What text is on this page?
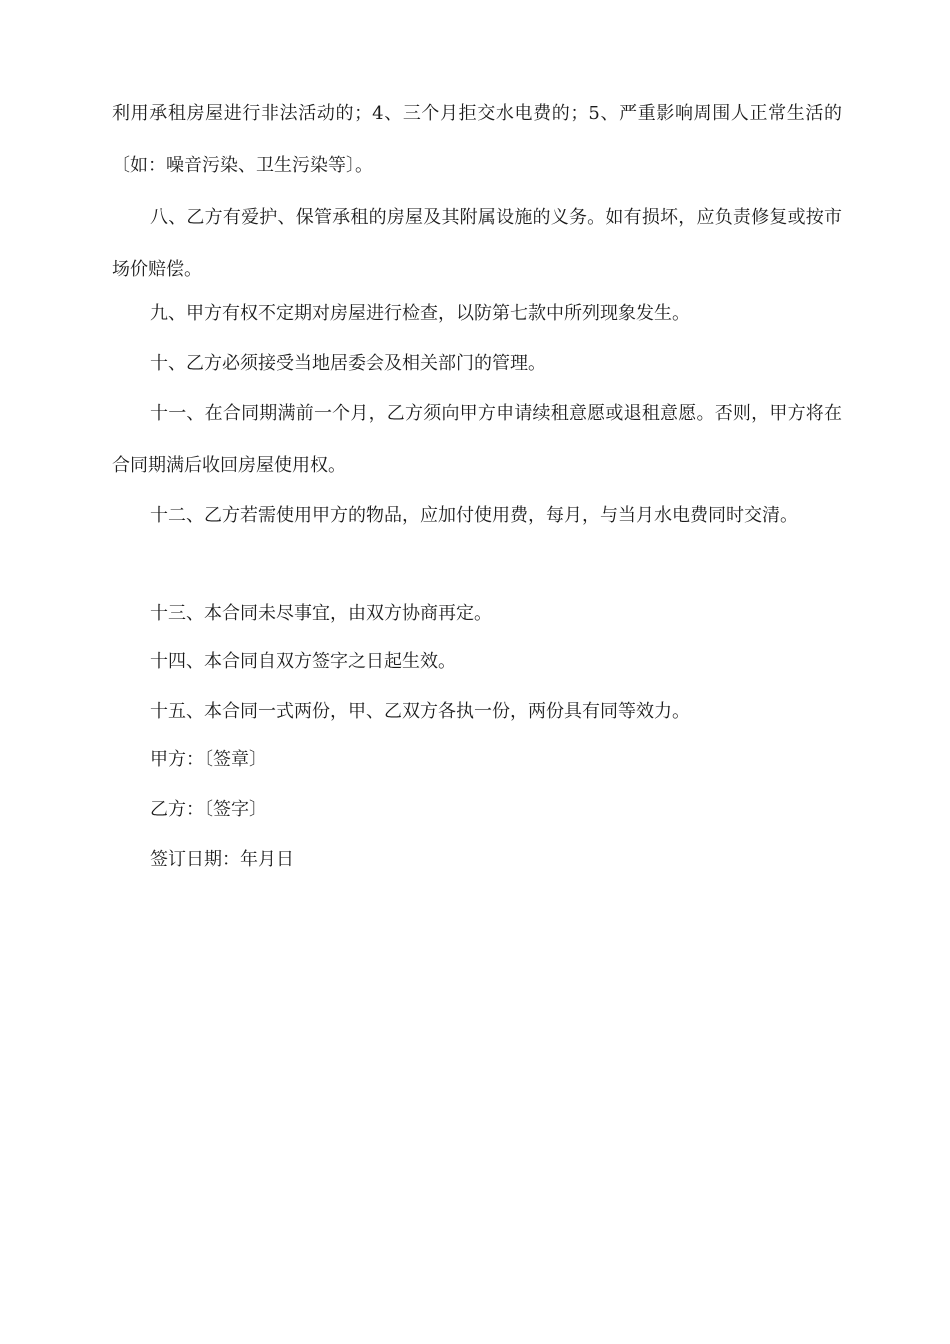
利用承租房屋进行非法活动的；4、三个月拒交水电费的；5、严重影响周围人正常生活的〔如：噪音污染、卫生污染等〕。

八、乙方有爱护、保管承租的房屋及其附属设施的义务。如有损坏，应负责修复或按市场价赔偿。

九、甲方有权不定期对房屋进行检查，以防第七款中所列现象发生。

十、乙方必须接受当地居委会及相关部门的管理。

十一、在合同期满前一个月，乙方须向甲方申请续租意愿或退租意愿。否则，甲方将在合同期满后收回房屋使用权。

十二、乙方若需使用甲方的物品，应加付使用费，每月，与当月水电费同时交清。

十三、本合同未尽事宜，由双方协商再定。

十四、本合同自双方签字之日起生效。

十五、本合同一式两份，甲、乙双方各执一份，两份具有同等效力。

甲方：〔签章〕

乙方：〔签字〕

签订日期：年月日
